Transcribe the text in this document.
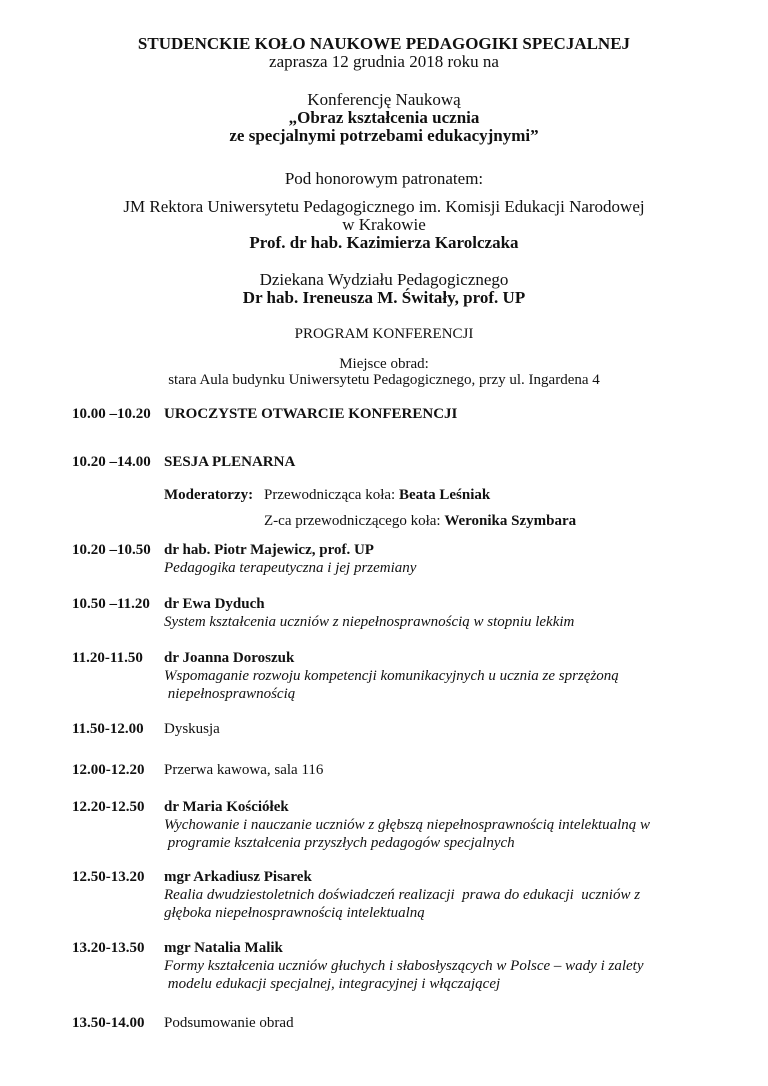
STUDENCKIE KOŁO NAUKOWE PEDAGOGIKI SPECJALNEJ
zaprasza 12 grudnia 2018 roku na
Konferencję Naukową
„Obraz kształcenia ucznia
ze specjalnymi potrzebami edukacyjnymi”
Pod honorowym patronatem:
JM Rektora Uniwersytetu Pedagogicznego im. Komisji Edukacji Narodowej
w Krakowie
Prof. dr hab. Kazimierza Karolczaka
Dziekana Wydziału Pedagogicznego
Dr hab. Ireneusza M. Świtały, prof. UP
PROGRAM KONFERENCJI
Miejsce obrad:
stara Aula budynku Uniwersytetu Pedagogicznego, przy ul. Ingardena 4
10.00 –10.20 UROCZYSTE OTWARCIE KONFERENCJI
10.20 –14.00 SESJA PLENARNA
Moderatorzy: Przewodnicząca koła: Beata Leśniak
Z-ca przewodniczącego koła: Weronika Szymbara
10.20 –10.50 dr hab. Piotr Majewicz, prof. UP
Pedagogika terapeutyczna i jej przemiany
10.50 –11.20 dr Ewa Dyduch
System kształcenia uczniów z niepełnosprawnością w stopniu lekkim
11.20-11.50 dr Joanna Doroszuk
Wspomaganie rozwoju kompetencji komunikacyjnych u ucznia ze sprzężoną
niepełnosprawnością
11.50-12.00 Dyskusja
12.00-12.20 Przerwa kawowa, sala 116
12.20-12.50 dr Maria Kościółek
Wychowanie i nauczanie uczniów z głębszą niepełnosprawnością intelektualną w
programie kształcenia przyszłych pedagogów specjalnych
12.50-13.20 mgr Arkadiusz Pisarek
Realia dwudziestoletnich doświadczeń realizacji  prawa do edukacji  uczniów z
głęboka niepełnosprawnością intelektualną
13.20-13.50 mgr Natalia Malik
Formy kształcenia uczniów głuchych i słabosłyszących w Polsce – wady i zalety
modelu edukacji specjalnej, integracyjnej i włączającej
13.50-14.00 Podsumowanie obrad
